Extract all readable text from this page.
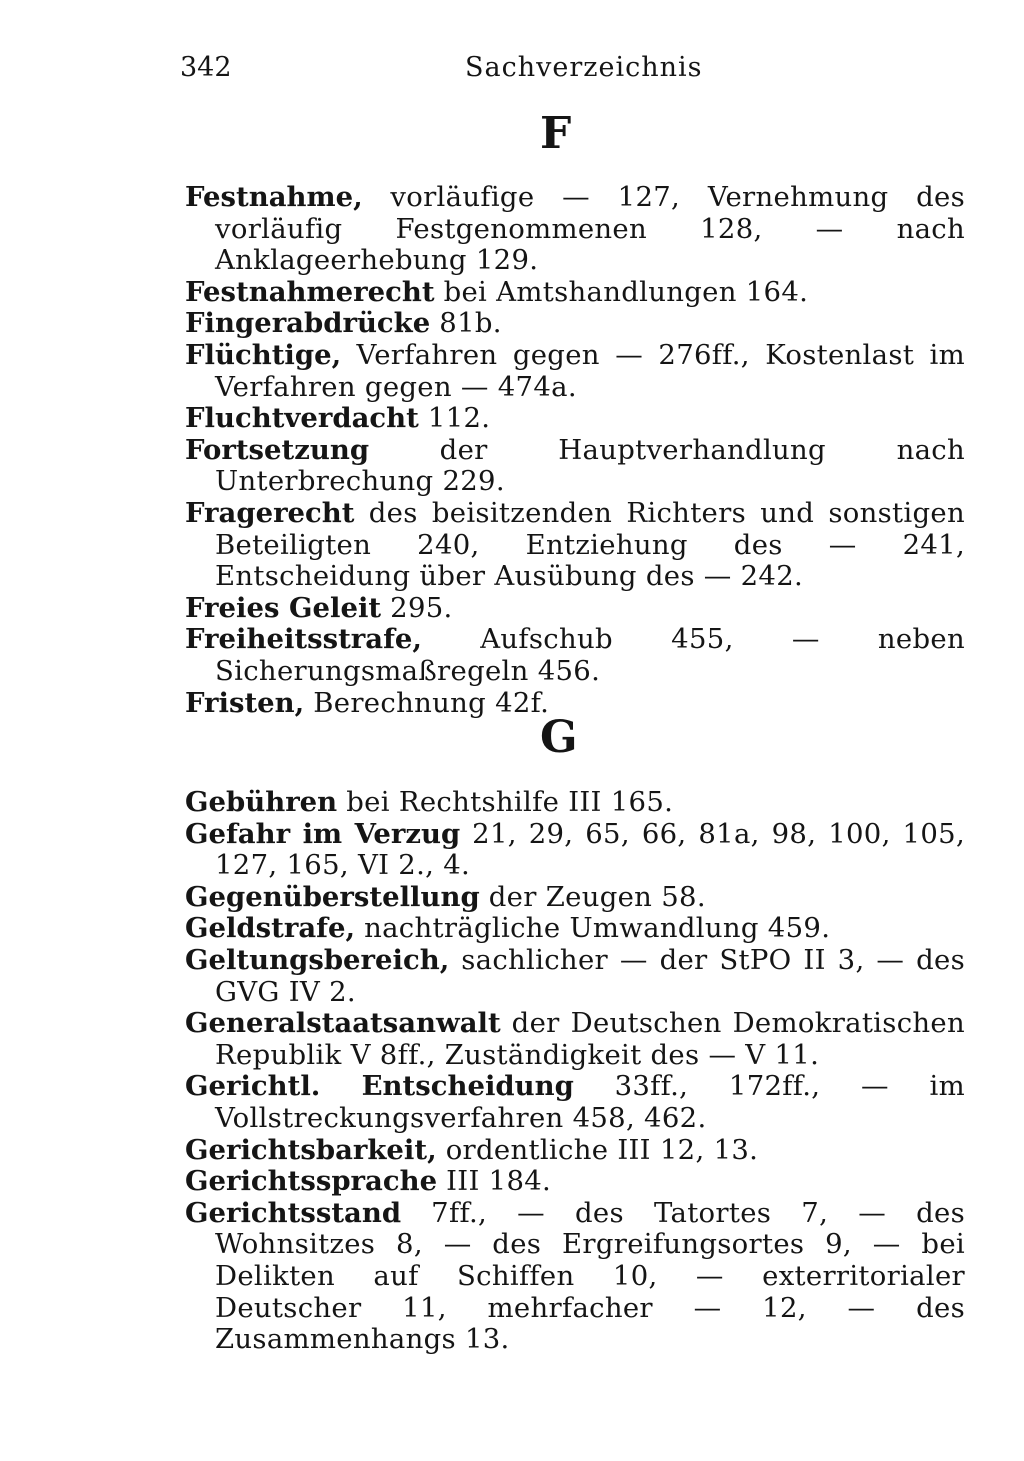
342	Sachverzeichnis
F
Festnahme, vorläufige — 127, Vernehmung des vorläufig Festgenommenen 128, — nach Anklageerhebung 129.
Festnahmerecht bei Amtshandlungen 164.
Fingerabdrücke 81b.
Flüchtige, Verfahren gegen — 276ff., Kostenlast im Verfahren gegen — 474a.
Fluchtverdacht 112.
Fortsetzung der Hauptverhandlung nach Unterbrechung 229.
Fragerecht des beisitzenden Richters und sonstigen Beteiligten 240, Entziehung des — 241, Entscheidung über Ausübung des — 242.
Freies Geleit 295.
Freiheitsstrafe, Aufschub 455, — neben Sicherungsmaßregeln 456.
Fristen, Berechnung 42f.
G
Gebühren bei Rechtshilfe III 165.
Gefahr im Verzug 21, 29, 65, 66, 81a, 98, 100, 105, 127, 165, VI 2., 4.
Gegenüberstellung der Zeugen 58.
Geldstrafe, nachträgliche Umwandlung 459.
Geltungsbereich, sachlicher — der StPO II 3, — des GVG IV 2.
Generalstaatsanwalt der Deutschen Demokratischen Republik V 8ff., Zuständigkeit des — V 11.
Gerichtl. Entscheidung 33ff., 172ff., — im Vollstreckungsverfahren 458, 462.
Gerichtsbarkeit, ordentliche III 12, 13.
Gerichtssprache III 184.
Gerichtsstand 7ff., — des Tatortes 7, — des Wohnsitzes 8, — des Ergreifungsortes 9, — bei Delikten auf Schiffen 10, — exterritorialer Deutscher 11, mehrfacher — 12, — des Zusammenhangs 13.
